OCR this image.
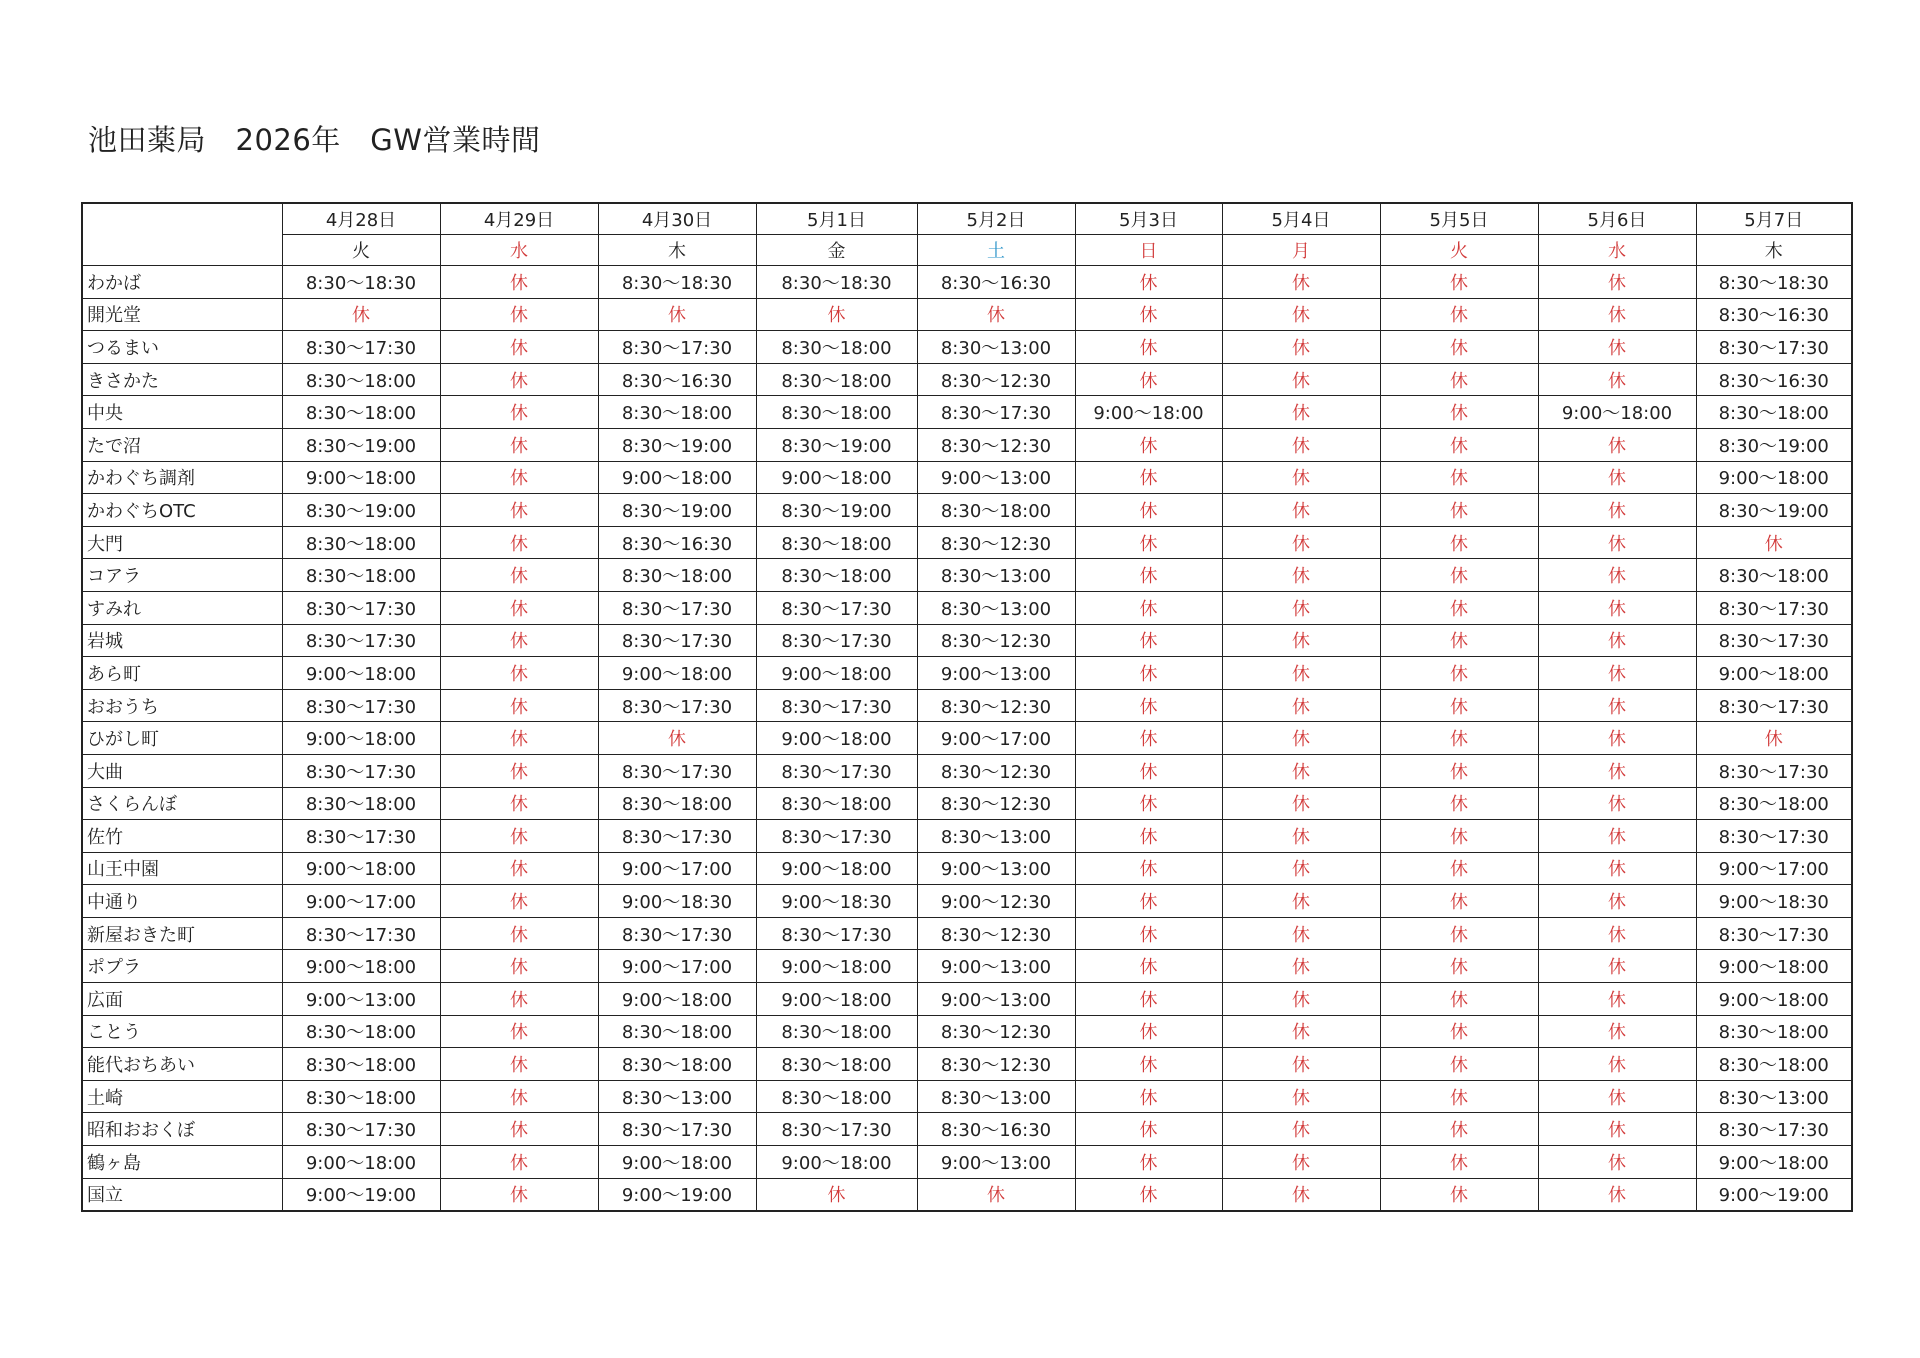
池田薬局　2026年　GW営業時間
	4月28日	4月29日	4月30日	5月1日	5月2日	5月3日	5月4日	5月5日	5月6日	5月7日
	火	水	木	金	土	日	月	火	水	木
わかば	8:30～18:30	休	8:30～18:30	8:30～18:30	8:30～16:30	休	休	休	休	8:30～18:30
開光堂	休	休	休	休	休	休	休	休	休	8:30～16:30
つるまい	8:30～17:30	休	8:30～17:30	8:30～18:00	8:30～13:00	休	休	休	休	8:30～17:30
きさかた	8:30～18:00	休	8:30～16:30	8:30～18:00	8:30～12:30	休	休	休	休	8:30～16:30
中央	8:30～18:00	休	8:30～18:00	8:30～18:00	8:30～17:30	9:00～18:00	休	休	9:00～18:00	8:30～18:00
たで沼	8:30～19:00	休	8:30～19:00	8:30～19:00	8:30～12:30	休	休	休	休	8:30～19:00
かわぐち調剤	9:00～18:00	休	9:00～18:00	9:00～18:00	9:00～13:00	休	休	休	休	9:00～18:00
かわぐちOTC	8:30～19:00	休	8:30～19:00	8:30～19:00	8:30～18:00	休	休	休	休	8:30～19:00
大門	8:30～18:00	休	8:30～16:30	8:30～18:00	8:30～12:30	休	休	休	休	休
コアラ	8:30～18:00	休	8:30～18:00	8:30～18:00	8:30～13:00	休	休	休	休	8:30～18:00
すみれ	8:30～17:30	休	8:30～17:30	8:30～17:30	8:30～13:00	休	休	休	休	8:30～17:30
岩城	8:30～17:30	休	8:30～17:30	8:30～17:30	8:30～12:30	休	休	休	休	8:30～17:30
あら町	9:00～18:00	休	9:00～18:00	9:00～18:00	9:00～13:00	休	休	休	休	9:00～18:00
おおうち	8:30～17:30	休	8:30～17:30	8:30～17:30	8:30～12:30	休	休	休	休	8:30～17:30
ひがし町	9:00～18:00	休	休	9:00～18:00	9:00～17:00	休	休	休	休	休
大曲	8:30～17:30	休	8:30～17:30	8:30～17:30	8:30～12:30	休	休	休	休	8:30～17:30
さくらんぼ	8:30～18:00	休	8:30～18:00	8:30～18:00	8:30～12:30	休	休	休	休	8:30～18:00
佐竹	8:30～17:30	休	8:30～17:30	8:30～17:30	8:30～13:00	休	休	休	休	8:30～17:30
山王中園	9:00～18:00	休	9:00～17:00	9:00～18:00	9:00～13:00	休	休	休	休	9:00～17:00
中通り	9:00～17:00	休	9:00～18:30	9:00～18:30	9:00～12:30	休	休	休	休	9:00～18:30
新屋おきた町	8:30～17:30	休	8:30～17:30	8:30～17:30	8:30～12:30	休	休	休	休	8:30～17:30
ポプラ	9:00～18:00	休	9:00～17:00	9:00～18:00	9:00～13:00	休	休	休	休	9:00～18:00
広面	9:00～13:00	休	9:00～18:00	9:00～18:00	9:00～13:00	休	休	休	休	9:00～18:00
ことう	8:30～18:00	休	8:30～18:00	8:30～18:00	8:30～12:30	休	休	休	休	8:30～18:00
能代おちあい	8:30～18:00	休	8:30～18:00	8:30～18:00	8:30～12:30	休	休	休	休	8:30～18:00
土崎	8:30～18:00	休	8:30～13:00	8:30～18:00	8:30～13:00	休	休	休	休	8:30～13:00
昭和おおくぼ	8:30～17:30	休	8:30～17:30	8:30～17:30	8:30～16:30	休	休	休	休	8:30～17:30
鶴ヶ島	9:00～18:00	休	9:00～18:00	9:00～18:00	9:00～13:00	休	休	休	休	9:00～18:00
国立	9:00～19:00	休	9:00～19:00	休	休	休	休	休	休	9:00～19:00
